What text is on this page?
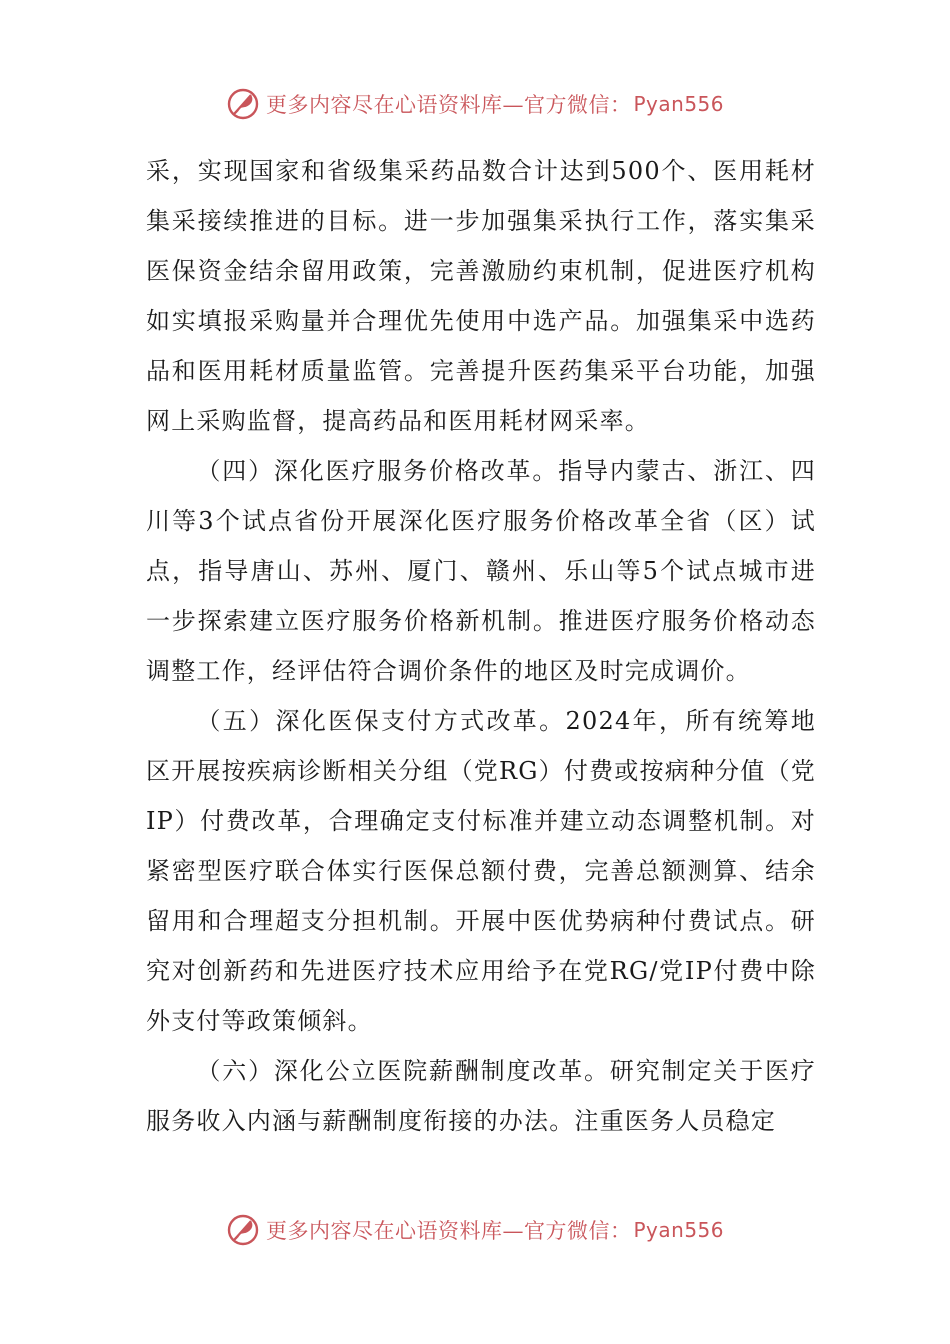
更多内容尽在心语资料库—官方微信： Pyan556

采，实现国家和省级集采药品数合计达到500个、医用耗材集采接续推进的目标。进一步加强集采执行工作，落实集采医保资金结余留用政策，完善激励约束机制，促进医疗机构如实填报采购量并合理优先使用中选产品。加强集采中选药品和医用耗材质量监管。完善提升医药集采平台功能，加强网上采购监督，提高药品和医用耗材网采率。

（四）深化医疗服务价格改革。指导内蒙古、浙江、四川等3个试点省份开展深化医疗服务价格改革全省（区）试点，指导唐山、苏州、厦门、赣州、乐山等5个试点城市进一步探索建立医疗服务价格新机制。推进医疗服务价格动态调整工作，经评估符合调价条件的地区及时完成调价。

（五）深化医保支付方式改革。2024年，所有统筹地区开展按疾病诊断相关分组（党RG）付费或按病种分值（党IP）付费改革，合理确定支付标准并建立动态调整机制。对紧密型医疗联合体实行医保总额付费，完善总额测算、结余留用和合理超支分担机制。开展中医优势病种付费试点。研究对创新药和先进医疗技术应用给予在党RG/党IP付费中除外支付等政策倾斜。

（六）深化公立医院薪酬制度改革。研究制定关于医疗服务收入内涵与薪酬制度衔接的办法。注重医务人员稳定

更多内容尽在心语资料库—官方微信： Pyan556
